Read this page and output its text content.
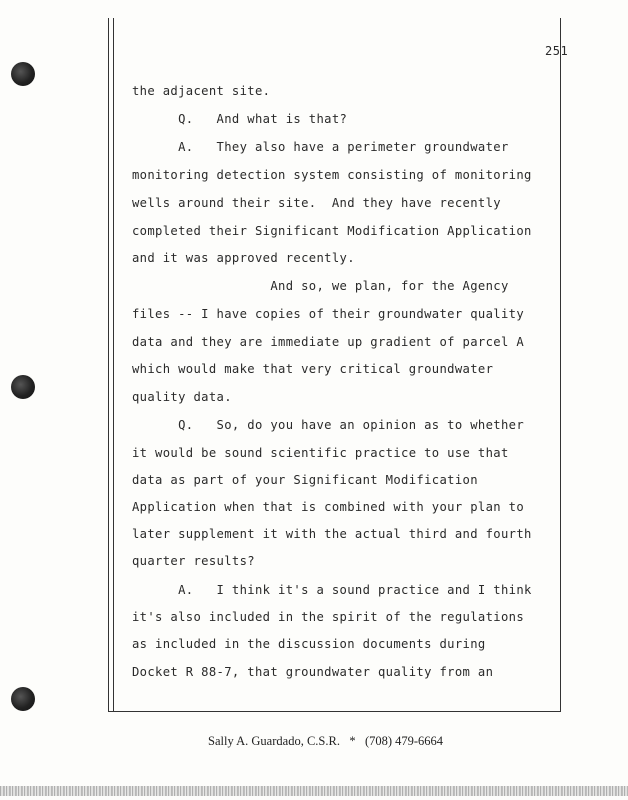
251
the adjacent site.
Q.   And what is that?
A.   They also have a perimeter groundwater
monitoring detection system consisting of monitoring
wells around their site.  And they have recently
completed their Significant Modification Application
and it was approved recently.
And so, we plan, for the Agency
files -- I have copies of their groundwater quality
data and they are immediate up gradient of parcel A
which would make that very critical groundwater
quality data.
Q.   So, do you have an opinion as to whether
it would be sound scientific practice to use that
data as part of your Significant Modification
Application when that is combined with your plan to
later supplement it with the actual third and fourth
quarter results?
A.   I think it's a sound practice and I think
it's also included in the spirit of the regulations
as included in the discussion documents during
Docket R 88-7, that groundwater quality from an
Sally A. Guardado, C.S.R.   *   (708) 479-6664
